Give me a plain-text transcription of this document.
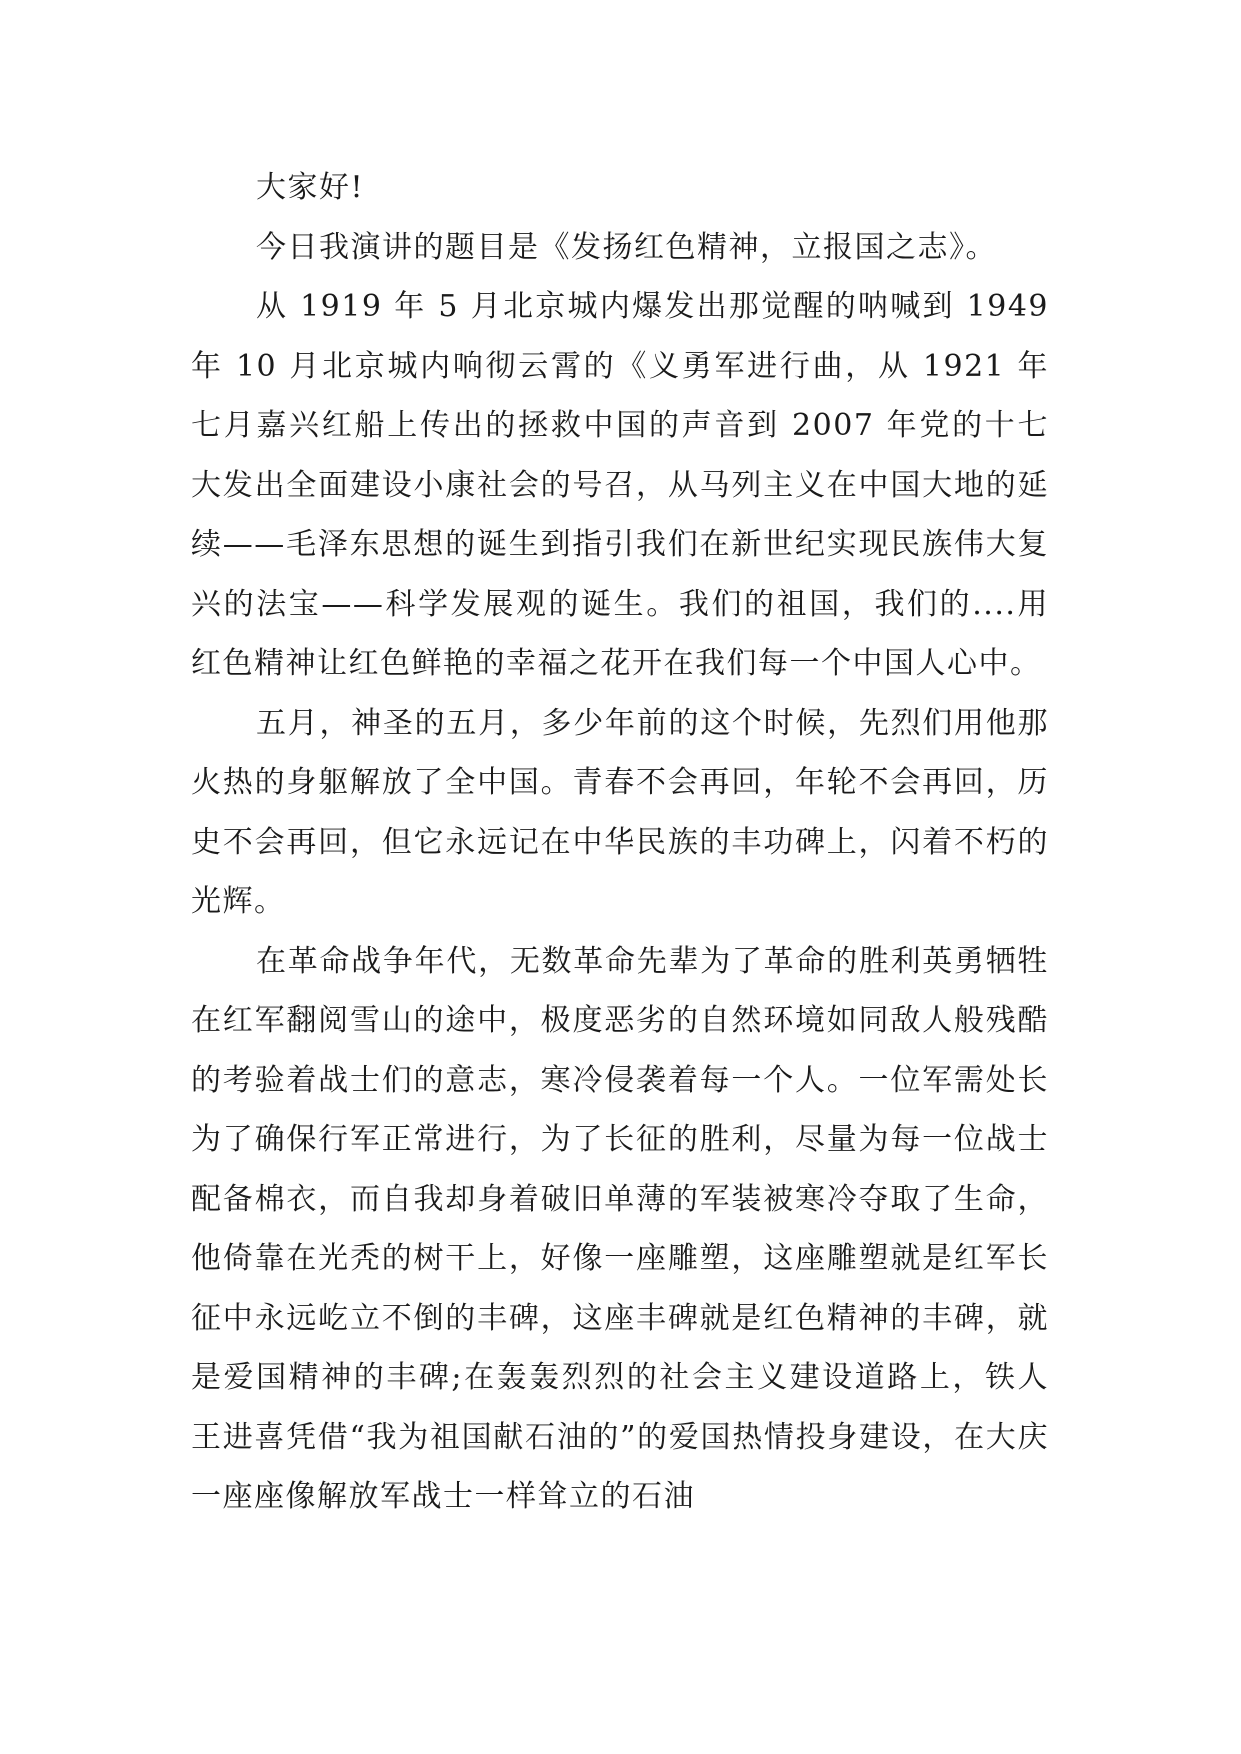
大家好!

今日我演讲的题目是《发扬红色精神，立报国之志》。

从 1919 年 5 月北京城内爆发出那觉醒的呐喊到 1949 年 10 月北京城内响彻云霄的《义勇军进行曲，从 1921 年七月嘉兴红船上传出的拯救中国的声音到 2007 年党的十七大发出全面建设小康社会的号召，从马列主义在中国大地的延续——毛泽东思想的诞生到指引我们在新世纪实现民族伟大复兴的法宝——科学发展观的诞生。我们的祖国，我们的....用红色精神让红色鲜艳的幸福之花开在我们每一个中国人心中。

五月，神圣的五月，多少年前的这个时候，先烈们用他那火热的身躯解放了全中国。青春不会再回，年轮不会再回，历史不会再回，但它永远记在中华民族的丰功碑上，闪着不朽的光辉。

在革命战争年代，无数革命先辈为了革命的胜利英勇牺牲在红军翻阅雪山的途中，极度恶劣的自然环境如同敌人般残酷的考验着战士们的意志，寒冷侵袭着每一个人。一位军需处长为了确保行军正常进行，为了长征的胜利，尽量为每一位战士配备棉衣，而自我却身着破旧单薄的军装被寒冷夺取了生命，他倚靠在光秃的树干上，好像一座雕塑，这座雕塑就是红军长征中永远屹立不倒的丰碑，这座丰碑就是红色精神的丰碑，就是爱国精神的丰碑;在轰轰烈烈的社会主义建设道路上，铁人王进喜凭借“我为祖国献石油的”的爱国热情投身建设，在大庆一座座像解放军战士一样耸立的石油
